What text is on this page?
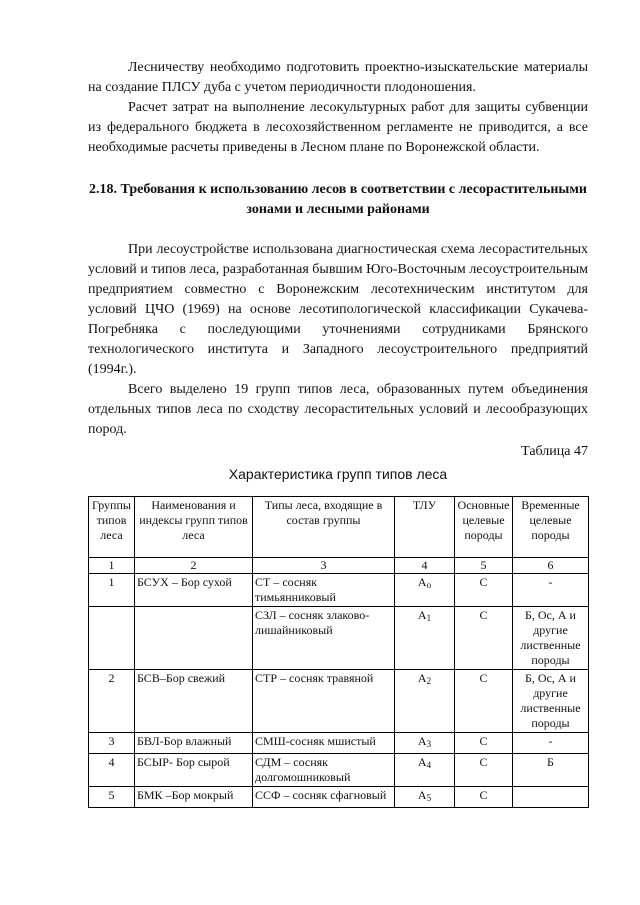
Лесничеству необходимо подготовить проектно-изыскательские материалы на создание ПЛСУ дуба с учетом периодичности плодоношения.

Расчет затрат на выполнение лесокультурных работ для защиты субвенции из федерального бюджета в лесохозяйственном регламенте не приводится, а все необходимые расчеты приведены в Лесном плане по Воронежской области.

2.18. Требования к использованию лесов в соответствии с лесорастительными зонами и лесными районами

При лесоустройстве использована диагностическая схема лесорастительных условий и типов леса, разработанная бывшим Юго-Восточным лесоустроительным предприятием совместно с Воронежским лесотехническим институтом для условий ЦЧО (1969) на основе лесотипологической классификации Сукачева-Погребняка с последующими уточнениями сотрудниками Брянского технологического института и Западного лесоустроительного предприятий (1994г.).

Всего выделено 19 групп типов леса, образованных путем объединения отдельных типов леса по сходству лесорастительных условий и лесообразующих пород.

Таблица 47
Характеристика групп типов леса
Группы типов леса	Наименования и индексы групп типов леса	Типы леса, входящие в состав группы	ТЛУ	Основные целевые породы	Временные целевые породы
1	2	3	4	5	6
1	БСУХ – Бор сухой	СТ – сосняк тимьянниковый	$A_о$	С	-
		СЗЛ – сосняк злаково-лишайниковый	$A_1$	С	Б, Ос, А и другие лиственные породы
2	БСВ–Бор свежий	СТР – сосняк травяной	$A_2$	С	Б, Ос, А и другие лиственные породы
3	БВЛ-Бор влажный	СМШ-сосняк мшистый	$A_3$	С	-
4	БСЫР- Бор сырой	СДМ – сосняк долгомошниковый	$A_4$	С	Б
5	БМК –Бор мокрый	ССФ – сосняк сфагновый	$A_5$	С	
